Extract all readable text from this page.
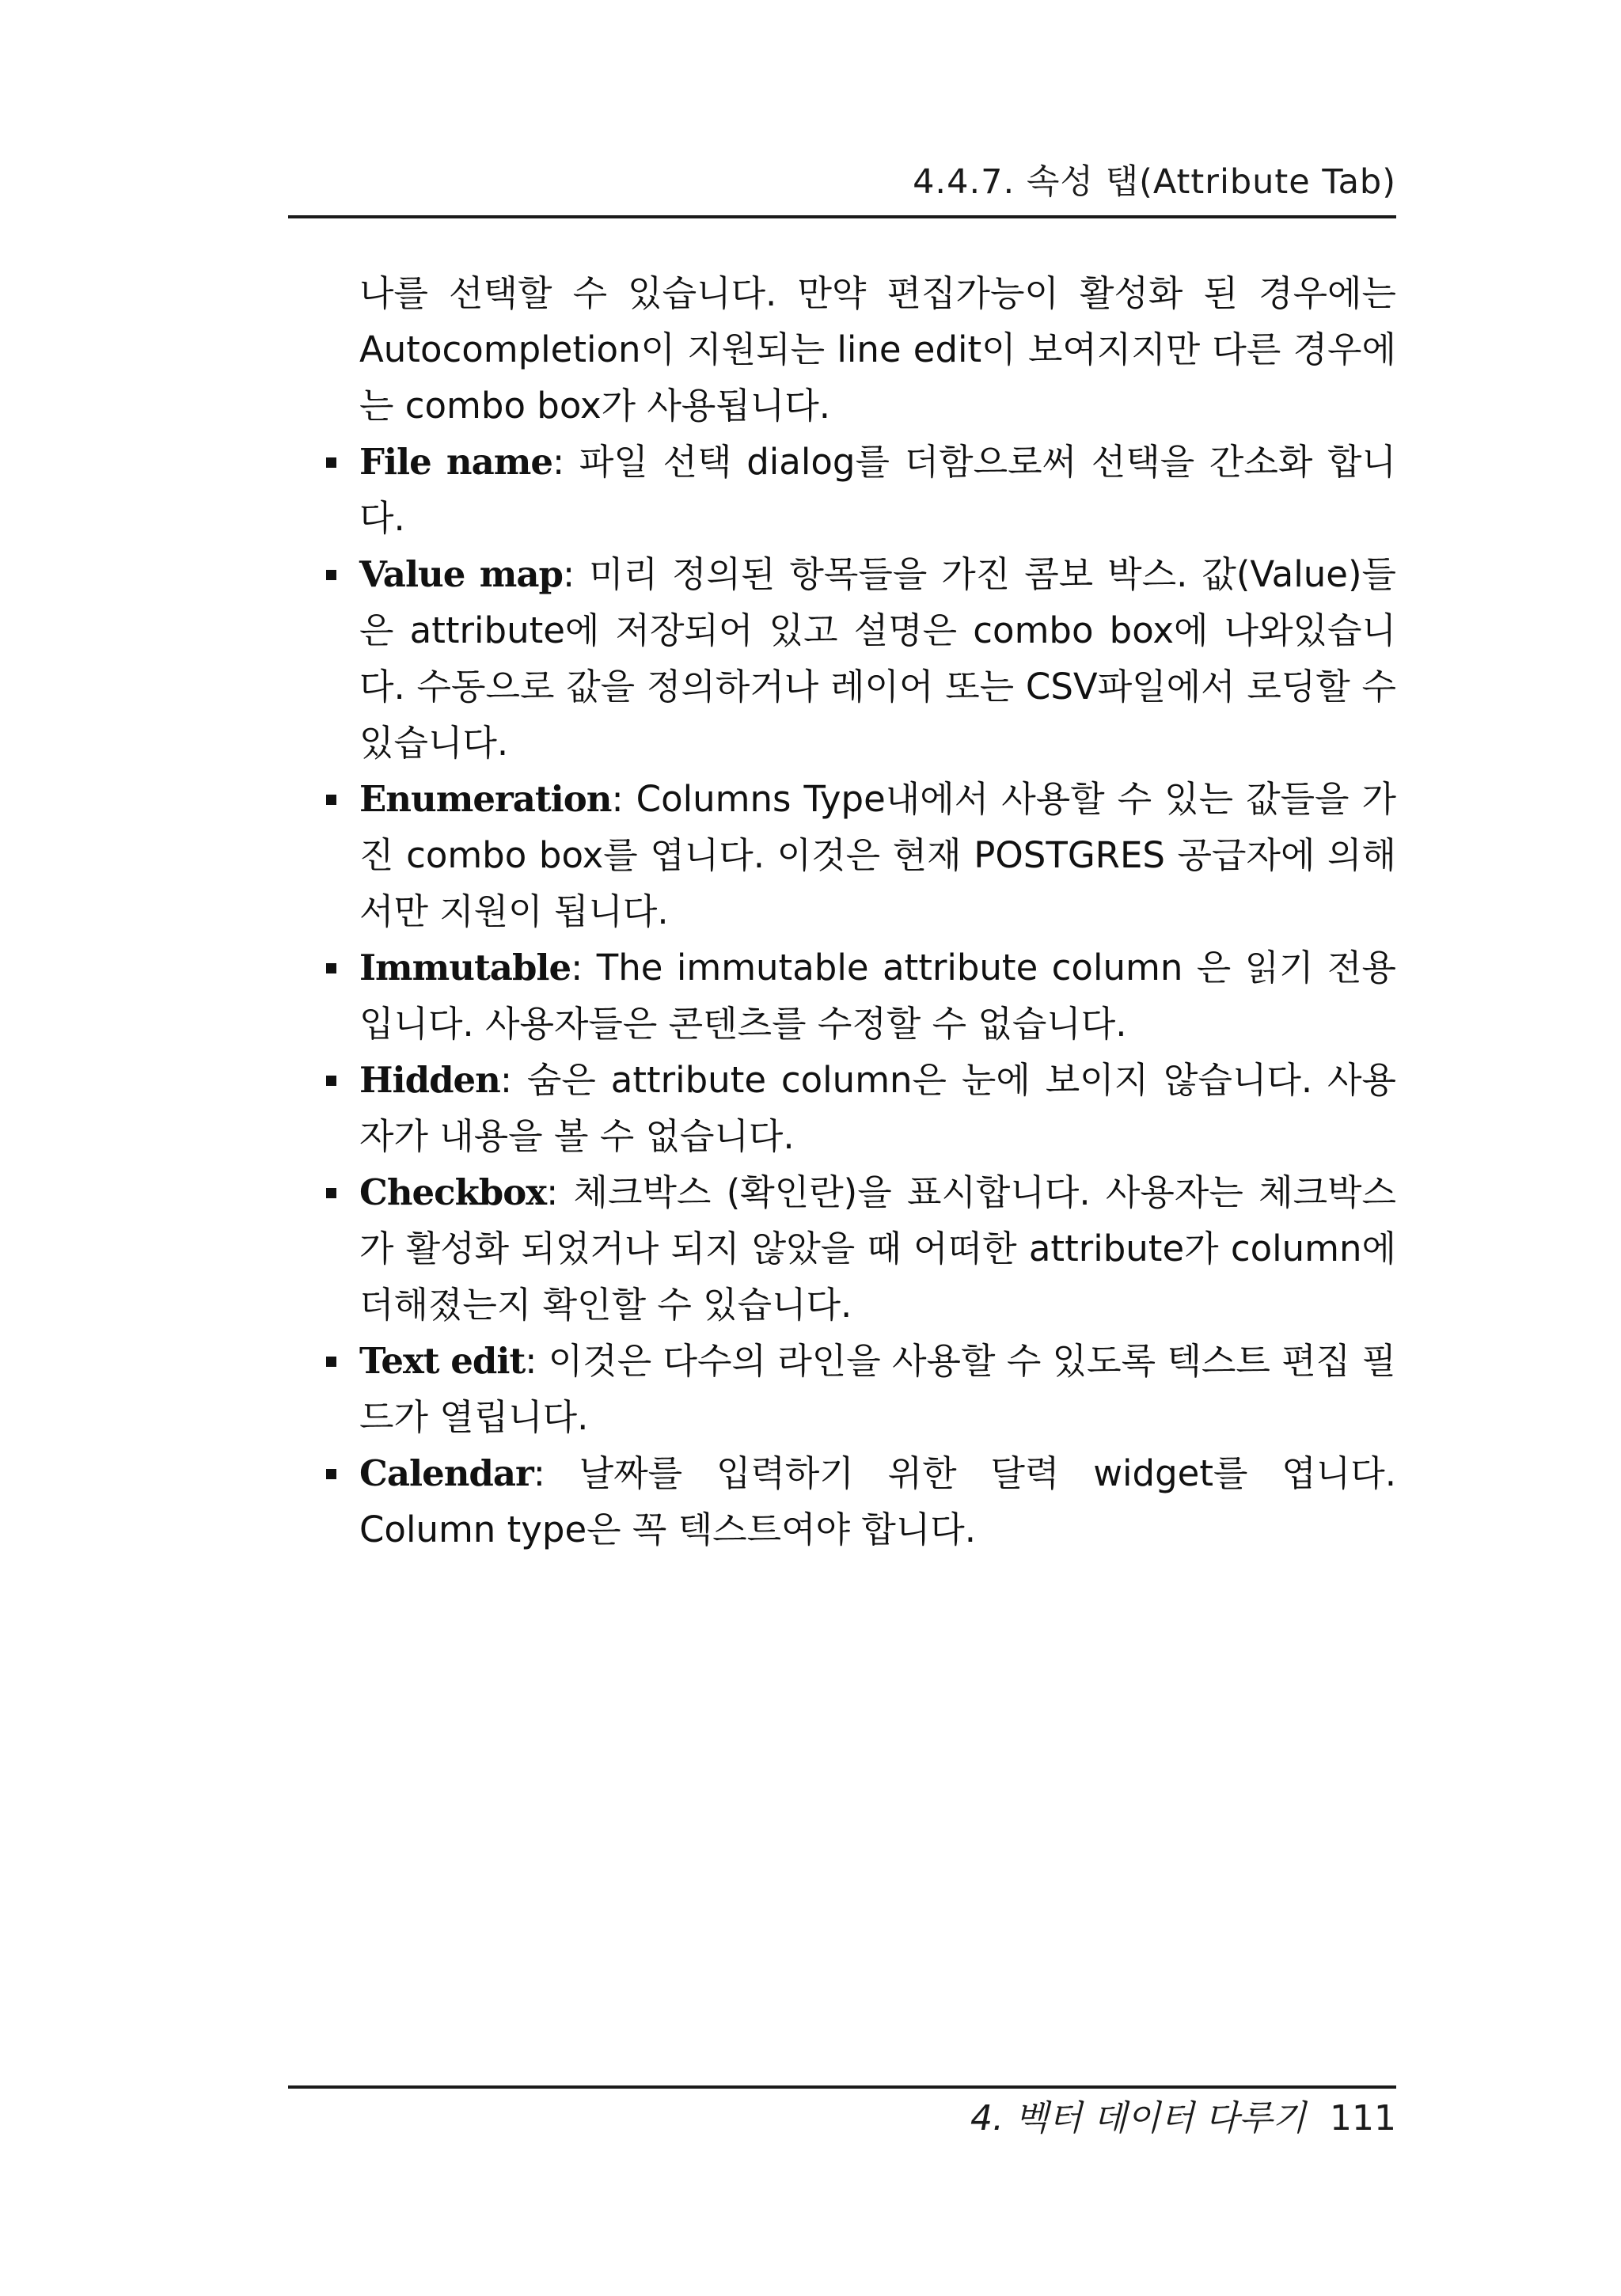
4.4.7. 속성 탭(Attribute Tab)

나를 선택할 수 있습니다. 만약 편집가능이 활성화 된 경우에는 Autocompletion이 지원되는 line edit이 보여지지만 다른 경우에는 combo box가 사용됩니다.

File name: 파일 선택 dialog를 더함으로써 선택을 간소화 합니다.
Value map: 미리 정의된 항목들을 가진 콤보 박스. 값(Value)들은 attribute에 저장되어 있고 설명은 combo box에 나와있습니다. 수동으로 값을 정의하거나 레이어 또는 CSV파일에서 로딩할 수 있습니다.
Enumeration: Columns Type내에서 사용할 수 있는 값들을 가진 combo box를 엽니다. 이것은 현재 POSTGRES 공급자에 의해서만 지원이 됩니다.
Immutable: The immutable attribute column 은 읽기 전용입니다. 사용자들은 콘텐츠를 수정할 수 없습니다.
Hidden: 숨은 attribute column은 눈에 보이지 않습니다. 사용자가 내용을 볼 수 없습니다.
Checkbox: 체크박스 (확인란)을 표시합니다. 사용자는 체크박스가 활성화 되었거나 되지 않았을 때 어떠한 attribute가 column에 더해졌는지 확인할 수 있습니다.
Text edit: 이것은 다수의 라인을 사용할 수 있도록 텍스트 편집 필드가 열립니다.
Calendar: 날짜를 입력하기 위한 달력 widget를 엽니다. Column type은 꼭 텍스트여야 합니다.
4. 벡터 데이터 다루기 111
